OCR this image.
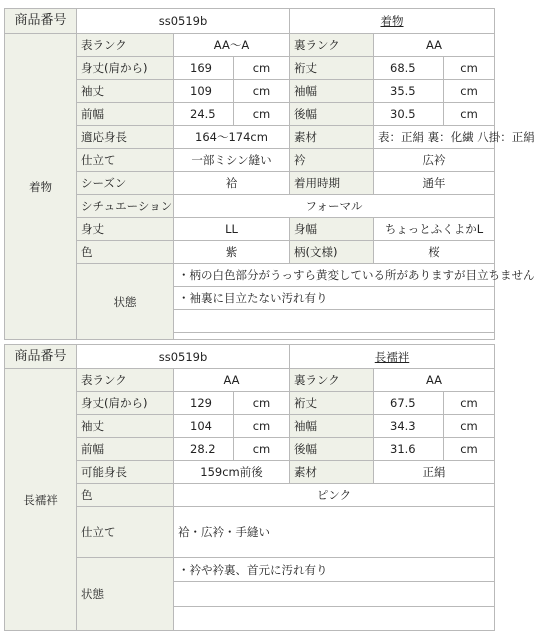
商品番号	ss0519b			着物		
着物	表ランク	AA～A		裏ランク	AA	
	身丈(肩から)	169	cm	裄丈	68.5	cm
	袖丈	109	cm	袖幅	35.5	cm
	前幅	24.5	cm	後幅	30.5	cm
	適応身長	164～174cm		素材	表：正絹 裏：化繊 八掛：正絹	
	仕立て	一部ミシン縫い		衿	広衿	
	シーズン	袷		着用時期	通年	
	シチュエーション	フォーマル				
	身丈	LL		身幅	ちょっとふくよかL	
	色	紫		柄(文様)	桜	
	状態	・柄の白色部分がうっすら黄変している所がありますが目立ちません				
		・袖裏に目立たない汚れ有り				

商品番号	ss0519b			長襦袢		
長襦袢	表ランク	AA		裏ランク	AA	
	身丈(肩から)	129	cm	裄丈	67.5	cm
	袖丈	104	cm	袖幅	34.3	cm
	前幅	28.2	cm	後幅	31.6	cm
	可能身長	159cm前後		素材	正絹	
	色	ピンク				
	仕立て	袷・広衿・手縫い				
	状態	・衿や衿裏、首元に汚れ有り				
